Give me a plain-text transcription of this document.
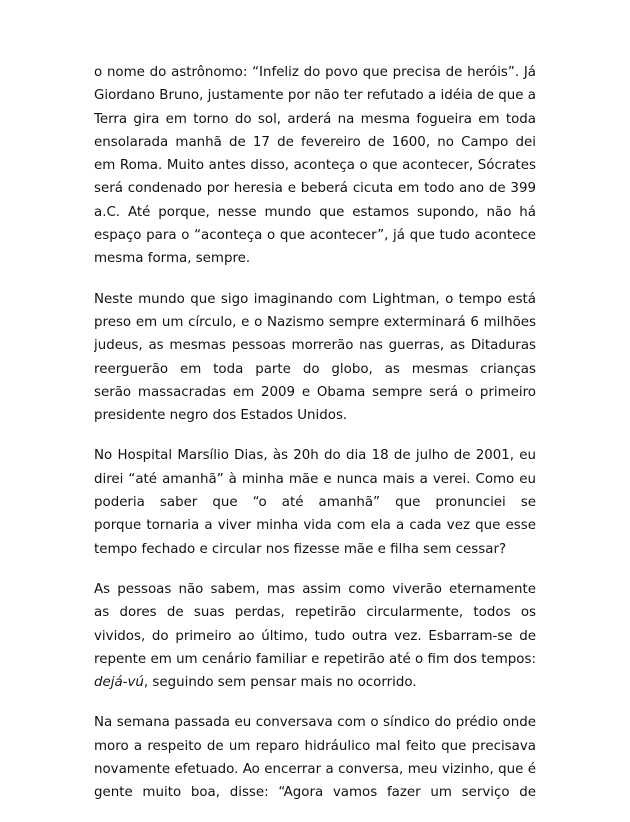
o nome do astrônomo: “Infeliz do povo que precisa de heróis”. Já
Giordano Bruno, justamente por não ter refutado a idéia de que a
Terra gira em torno do sol, arderá na mesma fogueira em toda
ensolarada manhã de 17 de fevereiro de 1600, no Campo dei
em Roma. Muito antes disso, aconteça o que acontecer, Sócrates
será condenado por heresia e beberá cicuta em todo ano de 399
a.C. Até porque, nesse mundo que estamos supondo, não há
espaço para o “aconteça o que acontecer”, já que tudo acontece
mesma forma, sempre.
Neste mundo que sigo imaginando com Lightman, o tempo está
preso em um círculo, e o Nazismo sempre exterminará 6 milhões
judeus, as mesmas pessoas morrerão nas guerras, as Ditaduras
reerguerão em toda parte do globo, as mesmas crianças
serão massacradas em 2009 e Obama sempre será o primeiro
presidente negro dos Estados Unidos.
No Hospital Marsílio Dias, às 20h do dia 18 de julho de 2001, eu
direi “até amanhã” à minha mãe e nunca mais a verei. Como eu
poderia saber que “o até amanhã” que pronunciei se
porque tornaria a viver minha vida com ela a cada vez que esse
tempo fechado e circular nos fizesse mãe e filha sem cessar?
As pessoas não sabem, mas assim como viverão eternamente
as dores de suas perdas, repetirão circularmente, todos os
vividos, do primeiro ao último, tudo outra vez. Esbarram-se de
repente em um cenário familiar e repetirão até o fim dos tempos:
dejá-vú, seguindo sem pensar mais no ocorrido.
Na semana passada eu conversava com o síndico do prédio onde
moro a respeito de um reparo hidráulico mal feito que precisava
novamente efetuado. Ao encerrar a conversa, meu vizinho, que é
gente muito boa, disse: “Agora vamos fazer um serviço de
